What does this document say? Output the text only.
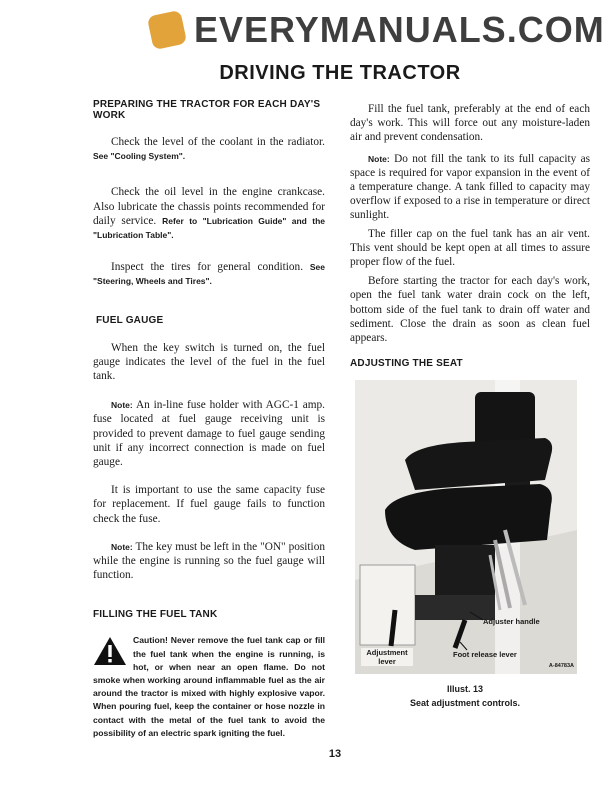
EVERYMANUALS.COM
DRIVING THE TRACTOR
PREPARING THE TRACTOR FOR EACH DAY'S WORK
Check the level of the coolant in the radiator. See "Cooling System".
Check the oil level in the engine crankcase. Also lubricate the chassis points recommended for daily service. Refer to "Lubrication Guide" and the "Lubrication Table".
Inspect the tires for general condition. See "Steering, Wheels and Tires".
FUEL GAUGE
When the key switch is turned on, the fuel gauge indicates the level of the fuel in the fuel tank.
Note: An in-line fuse holder with AGC-1 amp. fuse located at fuel gauge receiving unit is provided to prevent damage to fuel gauge sending unit if any incorrect connection is made on fuel gauge.
It is important to use the same capacity fuse for replacement. If fuel gauge fails to function check the fuse.
Note: The key must be left in the "ON" position while the engine is running so the fuel gauge will function.
FILLING THE FUEL TANK
Caution! Never remove the fuel tank cap or fill the fuel tank when the engine is running, is hot, or when near an open flame. Do not smoke when working around inflammable fuel as the air around the tractor is mixed with highly explosive vapor. When pouring fuel, keep the container or hose nozzle in contact with the metal of the fuel tank to avoid the possibility of an electric spark igniting the fuel.
Fill the fuel tank, preferably at the end of each day's work. This will force out any moisture-laden air and prevent condensation.
Note: Do not fill the tank to its full capacity as space is required for vapor expansion in the event of a temperature change. A tank filled to capacity may overflow if exposed to a rise in temperature or direct sunlight.
The filler cap on the fuel tank has an air vent. This vent should be kept open at all times to assure proper flow of the fuel.
Before starting the tractor for each day's work, open the fuel tank water drain cock on the left, bottom side of the fuel tank to drain off water and sediment. Close the drain as soon as clean fuel appears.
ADJUSTING THE SEAT
Adjuster handle
Adjustment lever
Foot release lever
A-84783A
Illust. 13
Seat adjustment controls.
13
